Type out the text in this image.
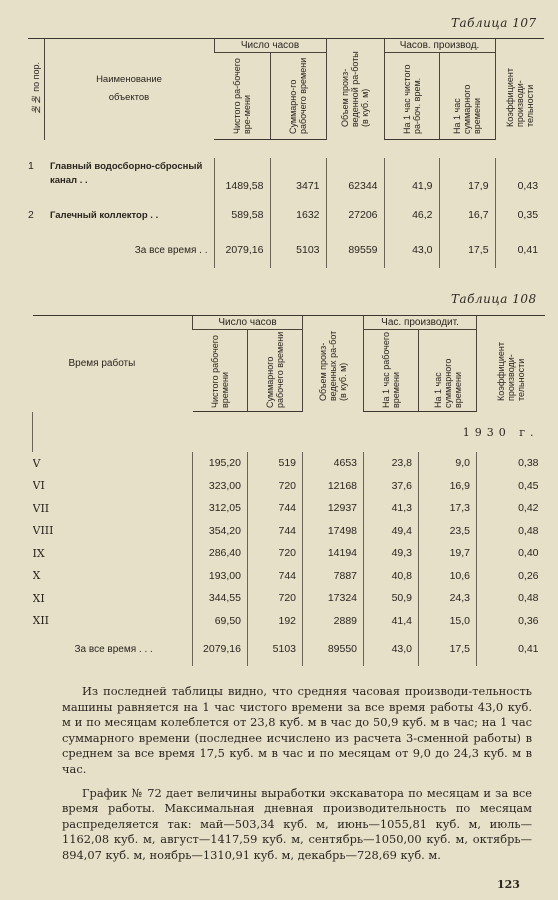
Таблица 107
№№ по пор.	Наименование объектов	Число часов		Объем произ-веденной ра-боты (в куб. м)	Часов. производ.		Коэффициент производи-тельности
		Чистого ра-бочего вре-мени	Суммарно-го рабочего времени		На 1 час чистого ра-боч. врем.	На 1 час суммарного времени	

1	Главный водосборно-сбросный канал . .	1489,58	3471	62344	41,9	17,9	0,43
2	Галечный коллектор . .	589,58	1632	27206	46,2	16,7	0,35
	За все время . .	2079,16	5103	89559	43,0	17,5	0,41

Таблица 108
Время работы	Число часов		Объем произ-веденных ра-бот (в куб. м)	Час. производит.		Коэффициент производи-тельности
	Чистого рабочего времени	Суммарного рабочего времени		На 1 час рабочего времени	На 1 час суммарного времени	
1930 г.						
V	195,20	519	4653	23,8	9,0	0,38
VI	323,00	720	12168	37,6	16,9	0,45
VII	312,05	744	12937	41,3	17,3	0,42
VIII	354,20	744	17498	49,4	23,5	0,48
IX	286,40	720	14194	49,3	19,7	0,40
X	193,00	744	7887	40,8	10,6	0,26
XI	344,55	720	17324	50,9	24,3	0,48
XII	69,50	192	2889	41,4	15,0	0,36
За все время . . .	2079,16	5103	89550	43,0	17,5	0,41

Из последней таблицы видно, что средняя часовая производи-тельность машины равняется на 1 час чистого времени за все время работы 43,0 куб. м и по месяцам колеблется от 23,8 куб. м в час до 50,9 куб. м в час; на 1 час суммарного времени (последнее исчислено из расчета 3-сменной работы) в среднем за все время 17,5 куб. м в час и по месяцам от 9,0 до 24,3 куб. м в час.

График № 72 дает величины выработки экскаватора по месяцам и за все время работы. Максимальная дневная производительность по месяцам распределяется так: май—503,34 куб. м, июнь—1055,81 куб. м, июль—1162,08 куб. м, август—1417,59 куб. м, сентябрь—1050,00 куб. м, октябрь—894,07 куб. м, ноябрь—1310,91 куб. м, декабрь—728,69 куб. м.

123
